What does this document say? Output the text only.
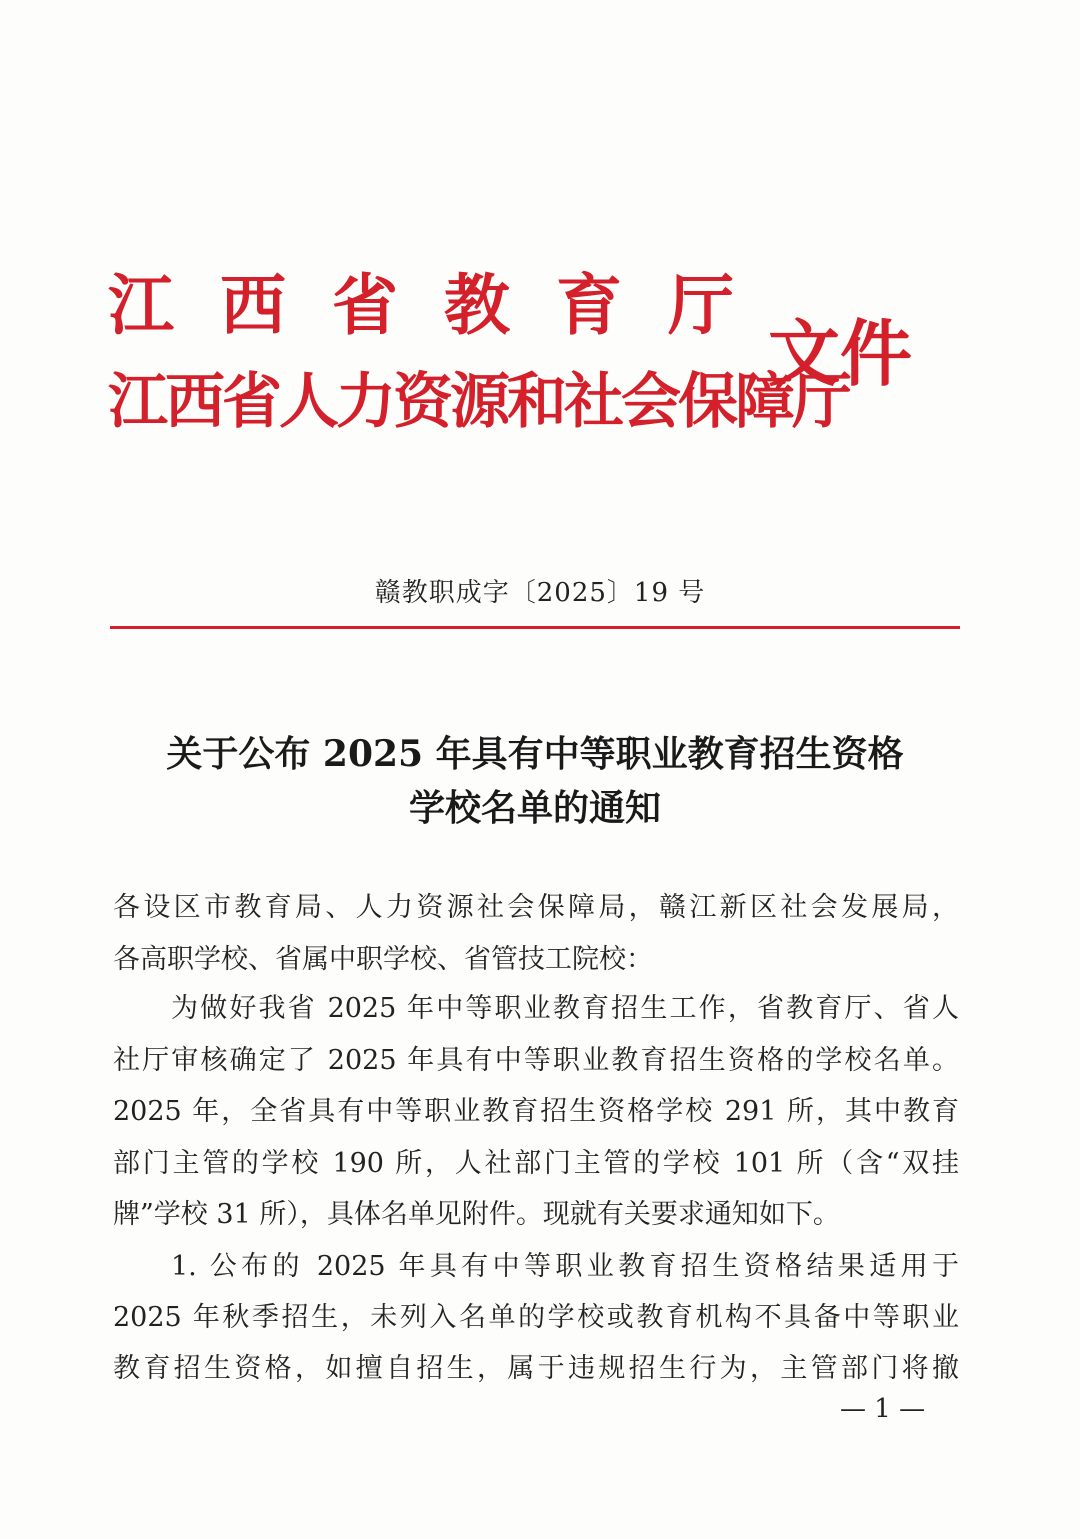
江西省教育厅
江西省人力资源和社会保障厅
文件
赣教职成字〔2025〕19 号
关于公布 2025 年具有中等职业教育招生资格
学校名单的通知
各设区市教育局、人力资源社会保障局，赣江新区社会发展局，
各高职学校、省属中职学校、省管技工院校：
为做好我省 2025 年中等职业教育招生工作，省教育厅、省人
社厅审核确定了 2025 年具有中等职业教育招生资格的学校名单。
2025 年，全省具有中等职业教育招生资格学校 291 所，其中教育
部门主管的学校 190 所，人社部门主管的学校 101 所（含“双挂
牌”学校 31 所），具体名单见附件。现就有关要求通知如下。
1. 公布的 2025 年具有中等职业教育招生资格结果适用于
2025 年秋季招生，未列入名单的学校或教育机构不具备中等职业
教育招生资格，如擅自招生，属于违规招生行为，主管部门将撤
— 1 —
